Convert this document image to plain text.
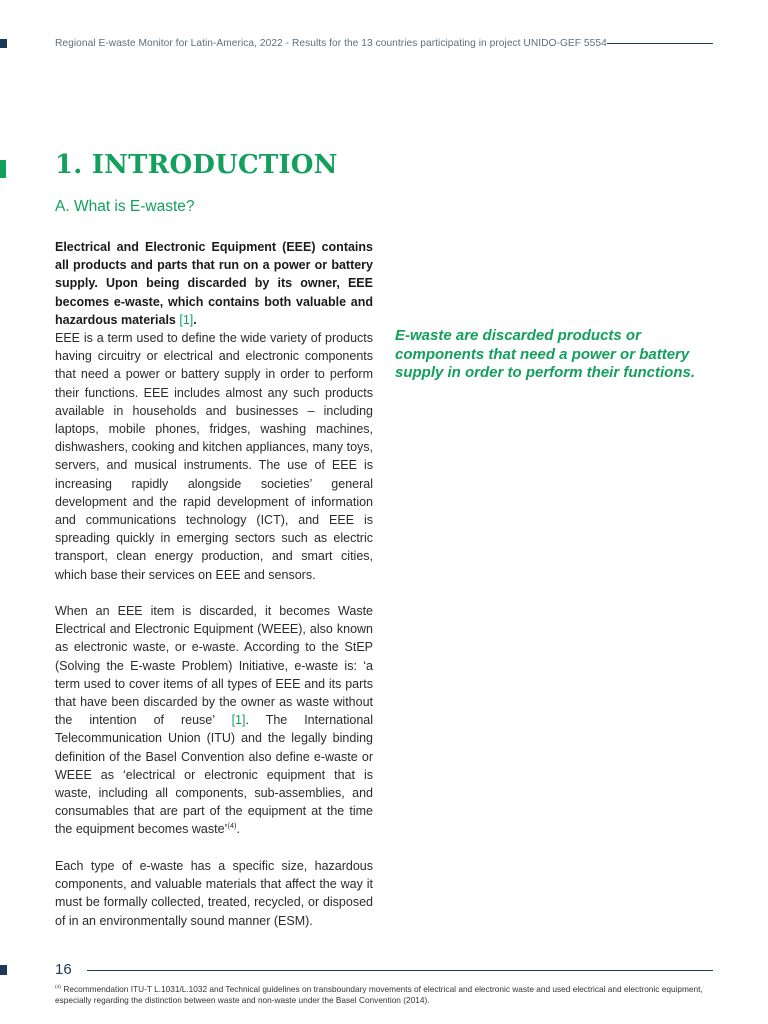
Regional E-waste Monitor for Latin-America, 2022 - Results for the 13 countries participating in project UNIDO-GEF 5554
1. INTRODUCTION
A. What is E-waste?

Electrical and Electronic Equipment (EEE) contains all products and parts that run on a power or battery supply. Upon being discarded by its owner, EEE becomes e-waste, which contains both valuable and hazardous materials [1].

EEE is a term used to define the wide variety of products having circuitry or electrical and electronic components that need a power or battery supply in order to perform their functions. EEE includes almost any such products available in households and businesses – including laptops, mobile phones, fridges, washing machines, dishwashers, cooking and kitchen appliances, many toys, servers, and musical instruments. The use of EEE is increasing rapidly alongside societies’ general development and the rapid development of information and communications technology (ICT), and EEE is spreading quickly in emerging sectors such as electric transport, clean energy production, and smart cities, which base their services on EEE and sensors.

When an EEE item is discarded, it becomes Waste Electrical and Electronic Equipment (WEEE), also known as electronic waste, or e-waste. According to the StEP (Solving the E-waste Problem) Initiative, e-waste is: ‘a term used to cover items of all types of EEE and its parts that have been discarded by the owner as waste without the intention of reuse’ [1]. The International Telecommunication Union (ITU) and the legally binding definition of the Basel Convention also define e-waste or WEEE as ‘electrical or electronic equipment that is waste, including all components, sub-assemblies, and consumables that are part of the equipment at the time the equipment becomes waste’$^{(4)}$.

Each type of e-waste has a specific size, hazardous components, and valuable materials that affect the way it must be formally collected, treated, recycled, or disposed of in an environmentally sound manner (ESM).

E-waste are discarded products or components that need a power or battery supply in order to perform their functions.

16

$^{(4)}$ Recommendation ITU-T L.1031/L.1032 and Technical guidelines on transboundary movements of electrical and electronic waste and used electrical and electronic equipment, especially regarding the distinction between waste and non-waste under the Basel Convention (2014).
